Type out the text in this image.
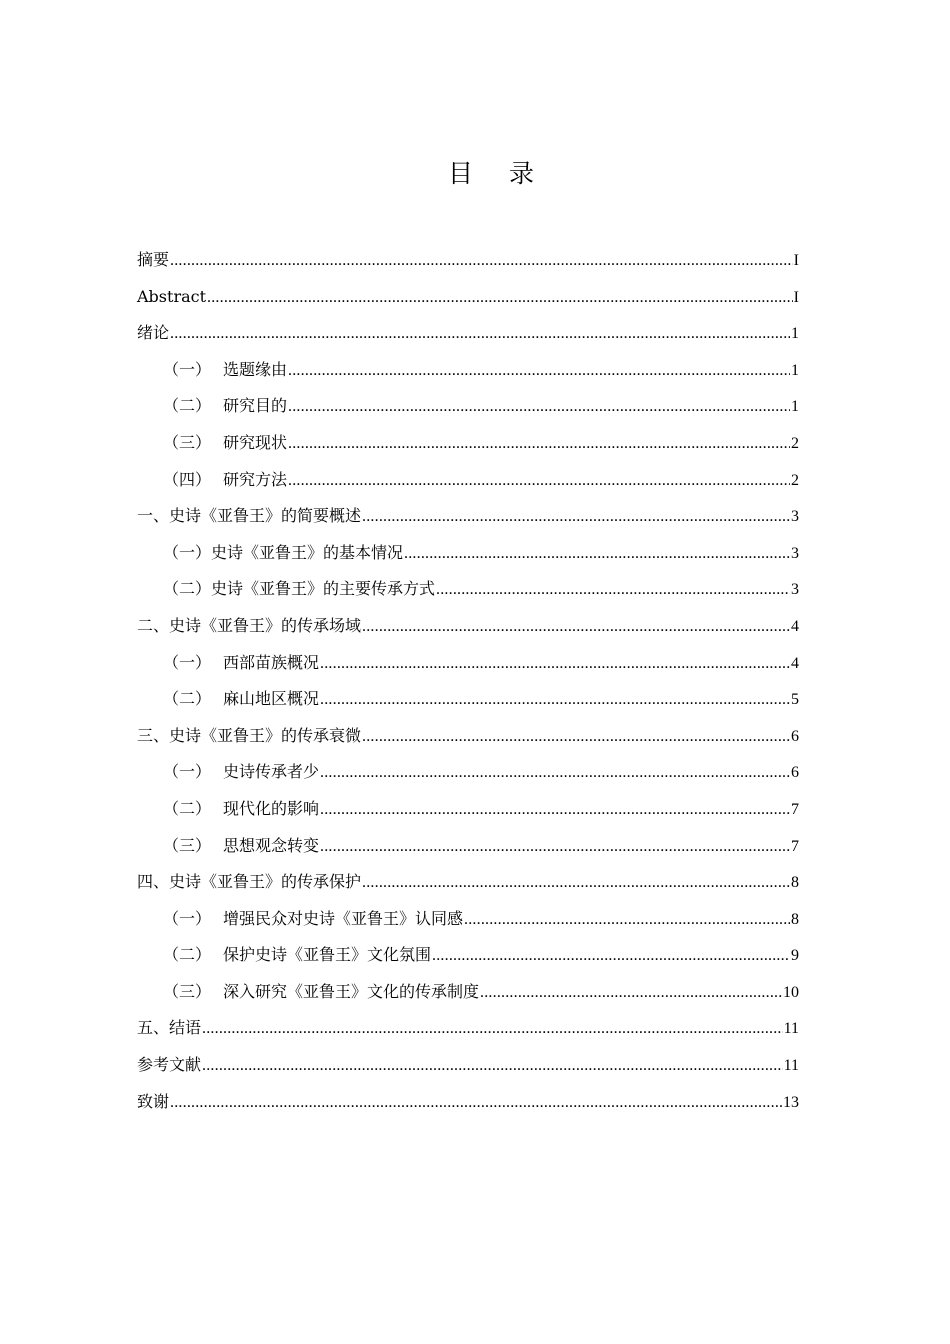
目 录
摘要 .....	I
Abstract .....	I
绪论 .....	1
（一） 选题缘由 .....	1
（二） 研究目的 .....	1
（三） 研究现状 .....	2
（四） 研究方法 .....	2
一、史诗《亚鲁王》的简要概述 .....	3
（一） 史诗《亚鲁王》的基本情况 .....	3
（二） 史诗《亚鲁王》的主要传承方式 .....	3
二、史诗《亚鲁王》的传承场域 .....	4
（一） 西部苗族概况 .....	4
（二） 麻山地区概况 .....	5
三、史诗《亚鲁王》的传承衰微 .....	6
（一） 史诗传承者少 .....	6
（二） 现代化的影响 .....	7
（三） 思想观念转变 .....	7
四、史诗《亚鲁王》的传承保护 .....	8
（一） 增强民众对史诗《亚鲁王》认同感 .....	8
（二） 保护史诗《亚鲁王》文化氛围 .....	9
（三） 深入研究《亚鲁王》文化的传承制度 .....	10
五、结语 .....	11
参考文献 .....	11
致谢 .....	13
